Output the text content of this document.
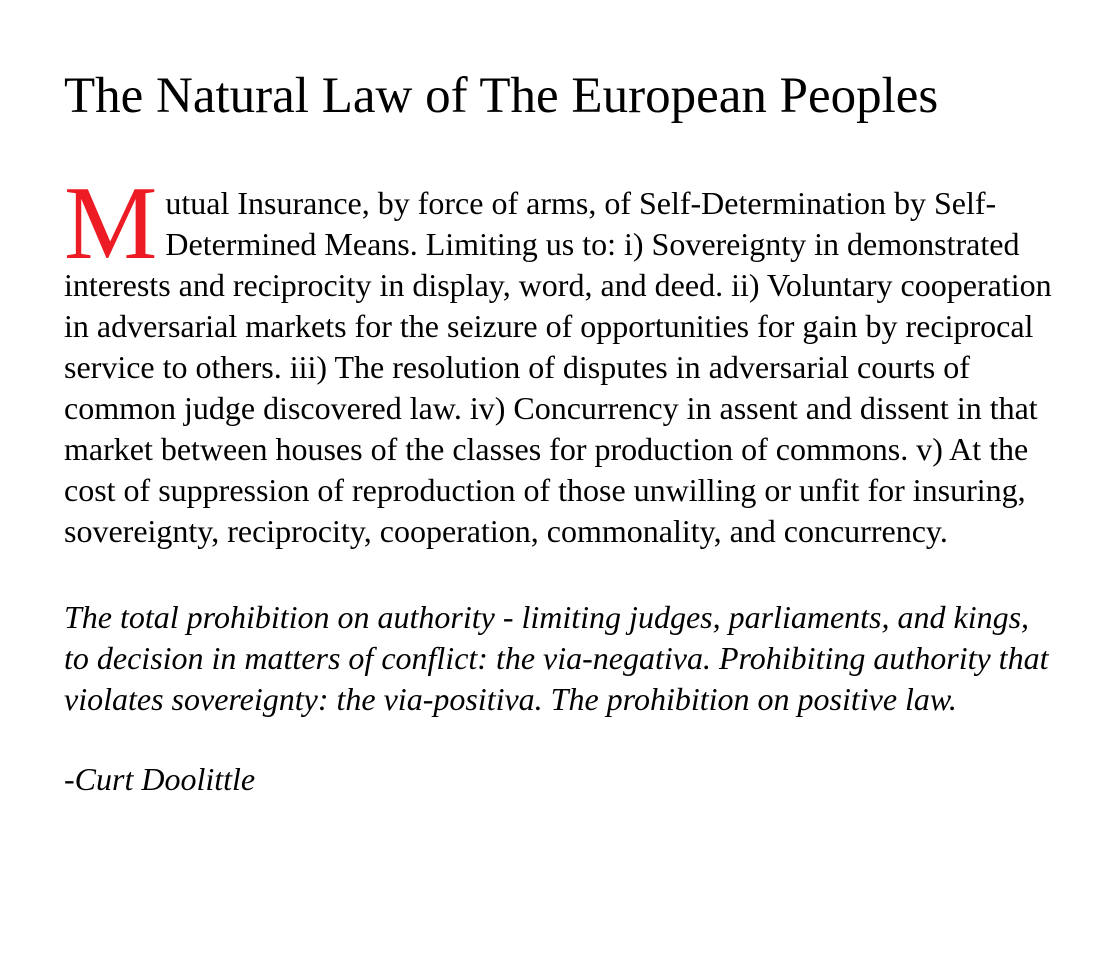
The Natural Law of The European Peoples

Mutual Insurance, by force of arms, of Self-Determination by Self-Determined Means. Limiting us to: i) Sovereignty in demonstrated interests and reciprocity in display, word, and deed. ii) Voluntary cooperation in adversarial markets for the seizure of opportunities for gain by reciprocal service to others. iii) The resolution of disputes in adversarial courts of common judge discovered law. iv) Concurrency in assent and dissent in that market between houses of the classes for production of commons. v) At the cost of suppression of reproduction of those unwilling or unfit for insuring, sovereignty, reciprocity, cooperation, commonality, and concurrency.

The total prohibition on authority - limiting judges, parliaments, and kings, to decision in matters of conflict: the via-negativa. Prohibiting authority that violates sovereignty: the via-positiva. The prohibition on positive law.

-Curt Doolittle
